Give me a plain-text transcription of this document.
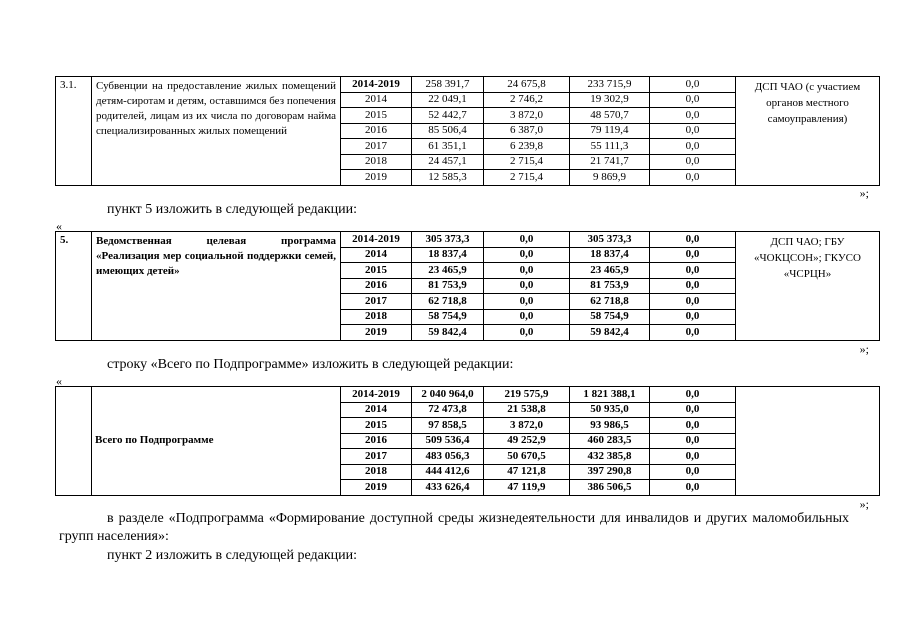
3.1.	Субвенции на предоставление жилых помещений детям-сиротам и детям, оставшимся без попечения родителей, лицам из их числа по договорам найма специализированных жилых помещений	2014-2019	258 391,7	24 675,8	233 715,9	0,0	ДСП ЧАО (с участием органов местного самоуправления)
		2014	22 049,1	2 746,2	19 302,9	0,0	
		2015	52 442,7	3 872,0	48 570,7	0,0	
		2016	85 506,4	6 387,0	79 119,4	0,0	
		2017	61 351,1	6 239,8	55 111,3	0,0	
		2018	24 457,1	2 715,4	21 741,7	0,0	
		2019	12 585,3	2 715,4	9 869,9	0,0	
»;

пункт 5 изложить в следующей редакции:

«
5.	Ведомственная целевая программа «Реализация мер социальной поддержки семей, имеющих детей»	2014-2019	305 373,3	0,0	305 373,3	0,0	ДСП ЧАО; ГБУ «ЧОКЦСОН»; ГКУСО «ЧСРЦН»
		2014	18 837,4	0,0	18 837,4	0,0	
		2015	23 465,9	0,0	23 465,9	0,0	
		2016	81 753,9	0,0	81 753,9	0,0	
		2017	62 718,8	0,0	62 718,8	0,0	
		2018	58 754,9	0,0	58 754,9	0,0	
		2019	59 842,4	0,0	59 842,4	0,0	
»;

строку «Всего по Подпрограмме» изложить в следующей редакции:

«
	Всего по Подпрограмме	2014-2019	2 040 964,0	219 575,9	1 821 388,1	0,0	
		2014	72 473,8	21 538,8	50 935,0	0,0	
		2015	97 858,5	3 872,0	93 986,5	0,0	
		2016	509 536,4	49 252,9	460 283,5	0,0	
		2017	483 056,3	50 670,5	432 385,8	0,0	
		2018	444 412,6	47 121,8	397 290,8	0,0	
		2019	433 626,4	47 119,9	386 506,5	0,0	
»;

в разделе «Подпрограмма «Формирование доступной среды жизнедеятельности для инвалидов и других маломобильных групп населения»:

пункт 2 изложить в следующей редакции:
